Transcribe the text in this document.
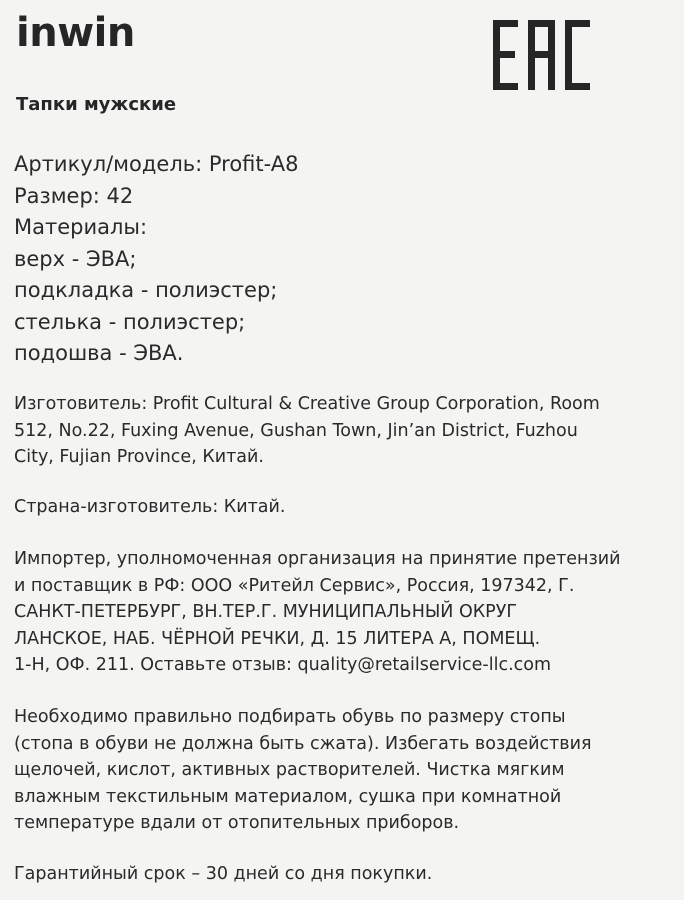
inwin
Тапки мужские
Артикул/модель: Profit-A8
Размер: 42
Материалы:
верх - ЭВА;
подкладка - полиэстер;
стелька - полиэстер;
подошва - ЭВА.
Изготовитель: Profit Cultural & Creative Group Corporation, Room
512, No.22, Fuxing Avenue, Gushan Town, Jin’an District, Fuzhou
City, Fujian Province, Китай.
Страна-изготовитель: Китай.
Импортер, уполномоченная организация на принятие претензий
и поставщик в РФ: ООО «Ритейл Сервис», Россия, 197342, Г.
САНКТ-ПЕТЕРБУРГ, ВН.ТЕР.Г. МУНИЦИПАЛЬНЫЙ ОКРУГ
ЛАНСКОЕ, НАБ. ЧЁРНОЙ РЕЧКИ, Д. 15 ЛИТЕРА А, ПОМЕЩ.
1-Н, ОФ. 211. Оставьте отзыв: quality@retailservice-llc.com
Необходимо правильно подбирать обувь по размеру стопы
(стопа в обуви не должна быть сжата). Избегать воздействия
щелочей, кислот, активных растворителей. Чистка мягким
влажным текстильным материалом, сушка при комнатной
температуре вдали от отопительных приборов.
Гарантийный срок – 30 дней со дня покупки.
